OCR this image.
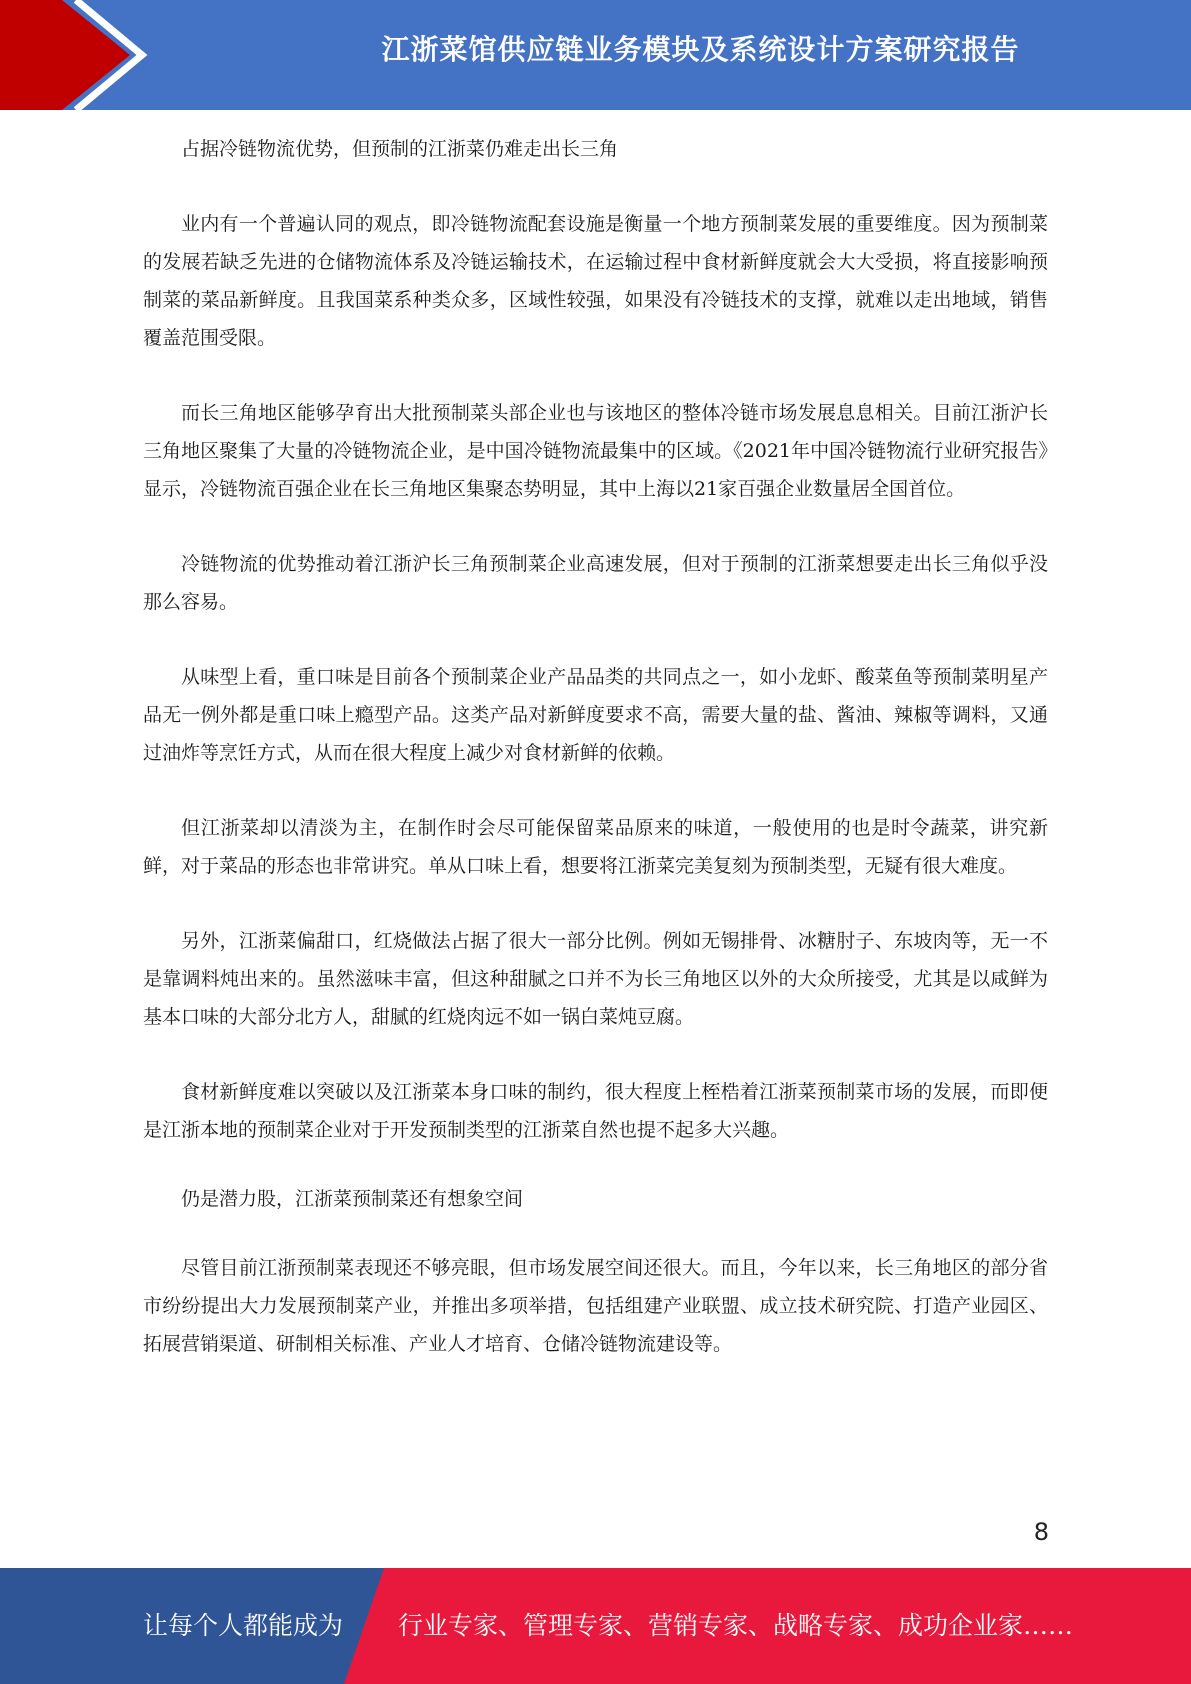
江浙菜馆供应链业务模块及系统设计方案研究报告

占据冷链物流优势，但预制的江浙菜仍难走出长三角

业内有一个普遍认同的观点，即冷链物流配套设施是衡量一个地方预制菜发展的重要维度。因为预制菜的发展若缺乏先进的仓储物流体系及冷链运输技术，在运输过程中食材新鲜度就会大大受损，将直接影响预制菜的菜品新鲜度。且我国菜系种类众多，区域性较强，如果没有冷链技术的支撑，就难以走出地域，销售覆盖范围受限。

而长三角地区能够孕育出大批预制菜头部企业也与该地区的整体冷链市场发展息息相关。目前江浙沪长三角地区聚集了大量的冷链物流企业，是中国冷链物流最集中的区域。《2021年中国冷链物流行业研究报告》显示，冷链物流百强企业在长三角地区集聚态势明显，其中上海以21家百强企业数量居全国首位。

冷链物流的优势推动着江浙沪长三角预制菜企业高速发展，但对于预制的江浙菜想要走出长三角似乎没那么容易。

从味型上看，重口味是目前各个预制菜企业产品品类的共同点之一，如小龙虾、酸菜鱼等预制菜明星产品无一例外都是重口味上瘾型产品。这类产品对新鲜度要求不高，需要大量的盐、酱油、辣椒等调料，又通过油炸等烹饪方式，从而在很大程度上减少对食材新鲜的依赖。

但江浙菜却以清淡为主，在制作时会尽可能保留菜品原来的味道，一般使用的也是时令蔬菜，讲究新鲜，对于菜品的形态也非常讲究。单从口味上看，想要将江浙菜完美复刻为预制类型，无疑有很大难度。

另外，江浙菜偏甜口，红烧做法占据了很大一部分比例。例如无锡排骨、冰糖肘子、东坡肉等，无一不是靠调料炖出来的。虽然滋味丰富，但这种甜腻之口并不为长三角地区以外的大众所接受，尤其是以咸鲜为基本口味的大部分北方人，甜腻的红烧肉远不如一锅白菜炖豆腐。

食材新鲜度难以突破以及江浙菜本身口味的制约，很大程度上桎梏着江浙菜预制菜市场的发展，而即便是江浙本地的预制菜企业对于开发预制类型的江浙菜自然也提不起多大兴趣。

仍是潜力股，江浙菜预制菜还有想象空间

尽管目前江浙预制菜表现还不够亮眼，但市场发展空间还很大。而且，今年以来，长三角地区的部分省市纷纷提出大力发展预制菜产业，并推出多项举措，包括组建产业联盟、成立技术研究院、打造产业园区、拓展营销渠道、研制相关标准、产业人才培育、仓储冷链物流建设等。

8
让每个人都能成为 行业专家、管理专家、营销专家、战略专家、成功企业家……
